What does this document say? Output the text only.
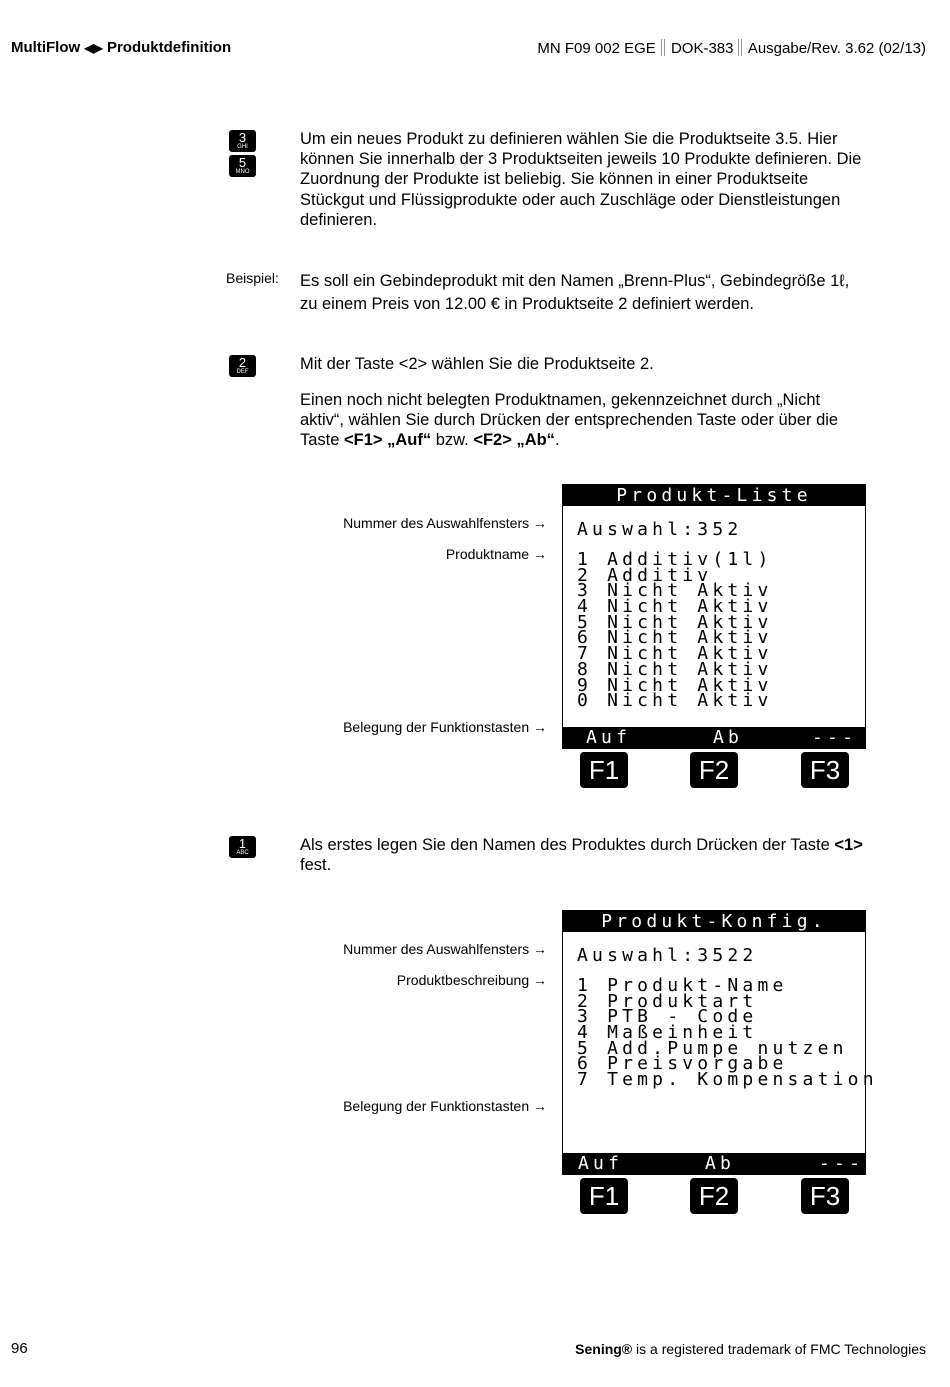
MultiFlow ◀▶ Produktdefinition	MN F09 002 EGE DOK-383 Ausgabe/Rev. 3.62 (02/13)
3
GHI
5
MNO
Um ein neues Produkt zu definieren wählen Sie die Produktseite 3.5. Hier können Sie innerhalb der 3 Produktseiten jeweils 10 Produkte definieren. Die Zuordnung der Produkte ist beliebig. Sie können in einer Produktseite Stückgut und Flüssigprodukte oder auch Zuschläge oder Dienstleistungen definieren.
Beispiel: Es soll ein Gebindeprodukt mit den Namen „Brenn-Plus“, Gebindegröße 1ℓ, zu einem Preis von 12.00 € in Produktseite 2 definiert werden.
2
DEF	Mit der Taste <2> wählen Sie die Produktseite 2.
Einen noch nicht belegten Produktnamen, gekennzeichnet durch „Nicht aktiv“, wählen Sie durch Drücken der entsprechenden Taste oder über die Taste <F1> „Auf“ bzw. <F2> „Ab“.
Nummer des Auswahlfensters →
Produktname →
Belegung der Funktionstasten →
Produkt-Liste
Auswahl:352
1 Additiv(1l)
2 Additiv
3 Nicht Aktiv
4 Nicht Aktiv
5 Nicht Aktiv
6 Nicht Aktiv
7 Nicht Aktiv
8 Nicht Aktiv
9 Nicht Aktiv
0 Nicht Aktiv
Auf	Ab	---
F1	F2	F3
1
ABC	Als erstes legen Sie den Namen des Produktes durch Drücken der Taste <1> fest.
Nummer des Auswahlfensters →
Produktbeschreibung →
Belegung der Funktionstasten →
Produkt-Konfig.
Auswahl:3522
1 Produkt-Name
2 Produktart
3 PTB - Code
4 Maßeinheit
5 Add.Pumpe nutzen
6 Preisvorgabe
7 Temp. Kompensation
Auf	Ab	---
F1	F2	F3
96	Sening® is a registered trademark of FMC Technologies
